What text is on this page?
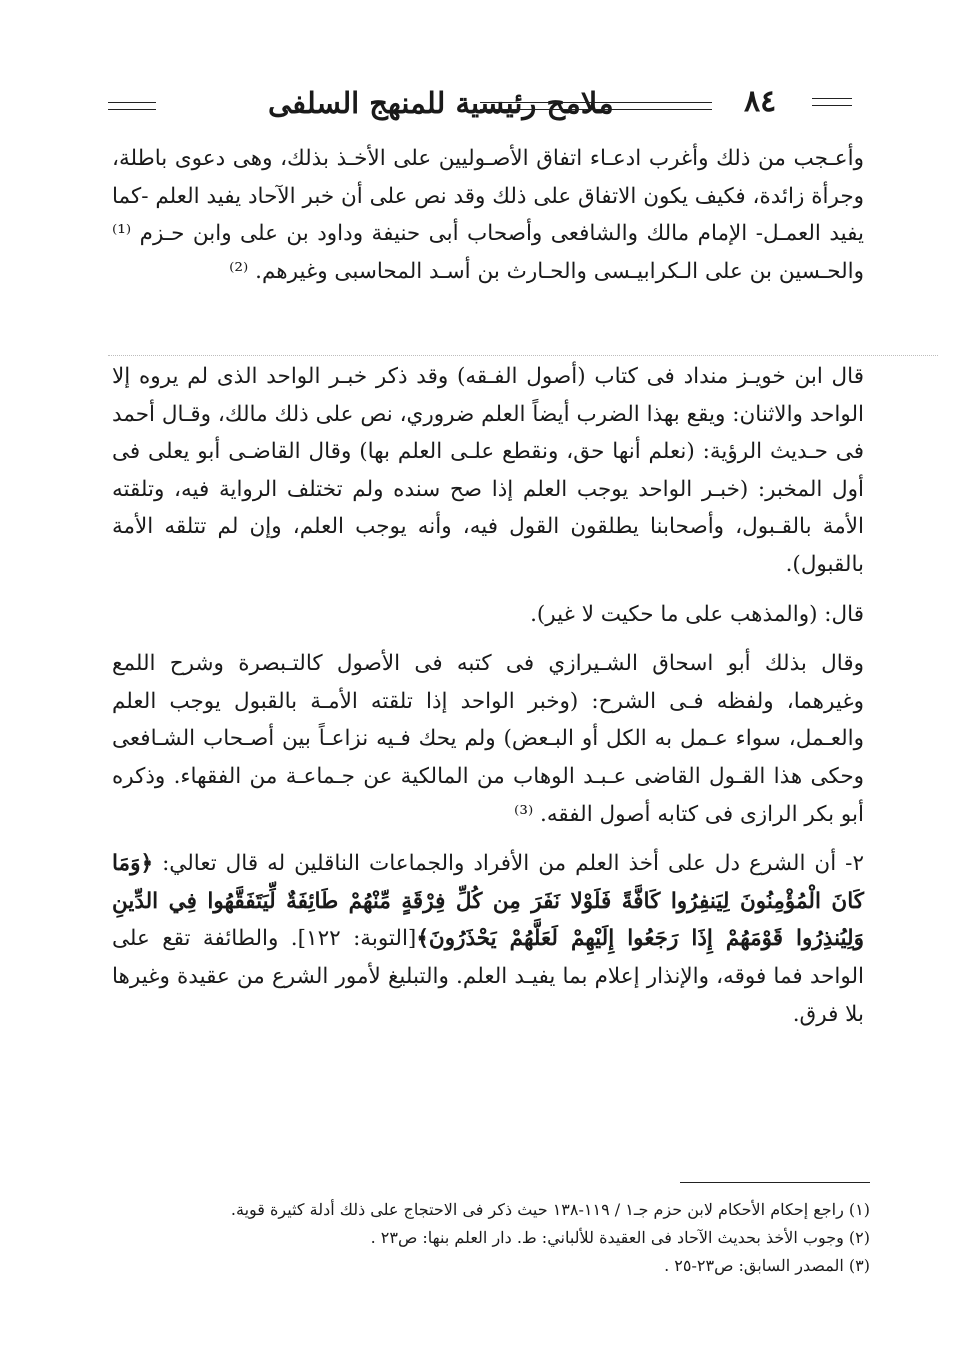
ملامح رئيسية للمنهج السلفى	٨٤

وأعـجب من ذلك وأغرب ادعـاء اتفاق الأصـوليين على الأخـذ بذلك، وهى دعوى باطلة، وجرأة زائدة، فكيف يكون الاتفاق على ذلك وقد نص على أن خبر الآحاد يفيد العلم -كما يفيد العمـل- الإمام مالك والشافعى وأصحاب أبى حنيفة وداود بن على وابن حـزم ⁽¹⁾والحـسين بن على الـكرابيـسى والحـارث بن أسـد المحاسبى وغيرهم. ⁽²⁾

قال ابن خويـز منداد فى كتاب (أصول الفـقه) وقد ذكر خبـر الواحد الذى لم يروه إلا الواحد والاثنان: ويقع بهذا الضرب أيضاً العلم ضروري، نص على ذلك مالك، وقـال أحمد فى حـديث الرؤية: (نعلم أنها حق، ونقطع علـى العلم بها) وقال القاضـى أبو يعلى فى أول المخبر: (خبـر الواحد يوجب العلم إذا صح سنده ولم تختلف الرواية فيه، وتلقته الأمة بالقـبول، وأصحابنا يطلقون القول فيه، وأنه يوجب العلم، وإن لم تتلقه الأمة بالقبول).

قال: (والمذهب على ما حكيت لا غير).

وقال بذلك أبو اسحاق الشـيرازي فى كتبه فى الأصول كالتـبصرة وشرح اللمع وغيرهما، ولفظه فـى الشرح: (وخبر الواحد إذا تلقته الأمـة بالقبول يوجب العلم والعـمل، سواء عـمل به الكل أو البـعض) ولم يحك فـيه نزاعـاً بين أصـحاب الشـافعى وحكى هذا القـول القاضى عـبـد الوهاب من المالكية عن جـماعـة من الفقهاء. وذكره أبو بكر الرازى فى كتابه أصول الفقه. ⁽³⁾

٢- أن الشرع دل على أخذ العلم من الأفراد والجماعات الناقلين له قال تعالي: ﴿وَمَا كَانَ الْمُؤْمِنُونَ لِيَنفِرُوا كَافَّةً فَلَوْلا نَفَرَ مِن كُلِّ فِرْقَةٍ مِّنْهُمْ طَائِفَةٌ لِّيَتَفَقَّهُوا فِي الدِّينِ وَلِيُنذِرُوا قَوْمَهُمْ إِذَا رَجَعُوا إِلَيْهِمْ لَعَلَّهُمْ يَحْذَرُونَ﴾[التوبة: ١٢٢]. والطائفة تقع على الواحد فما فوقه، والإنذار إعلام بما يفيـد العلم. والتبليغ لأمور الشرع من عقيدة وغيرها بلا فرق.

(١) راجع إحكام الأحكام لابن حزم جـ١ / ١١٩-١٣٨ حيث ذكر فى الاحتجاج على ذلك أدلة كثيرة قوية.

(٢) وجوب الأخذ بحديث الآحاد فى العقيدة للألباني: ط. دار العلم بنها: ص٢٣ .

(٣) المصدر السابق: ص٢٣-٢٥ .
